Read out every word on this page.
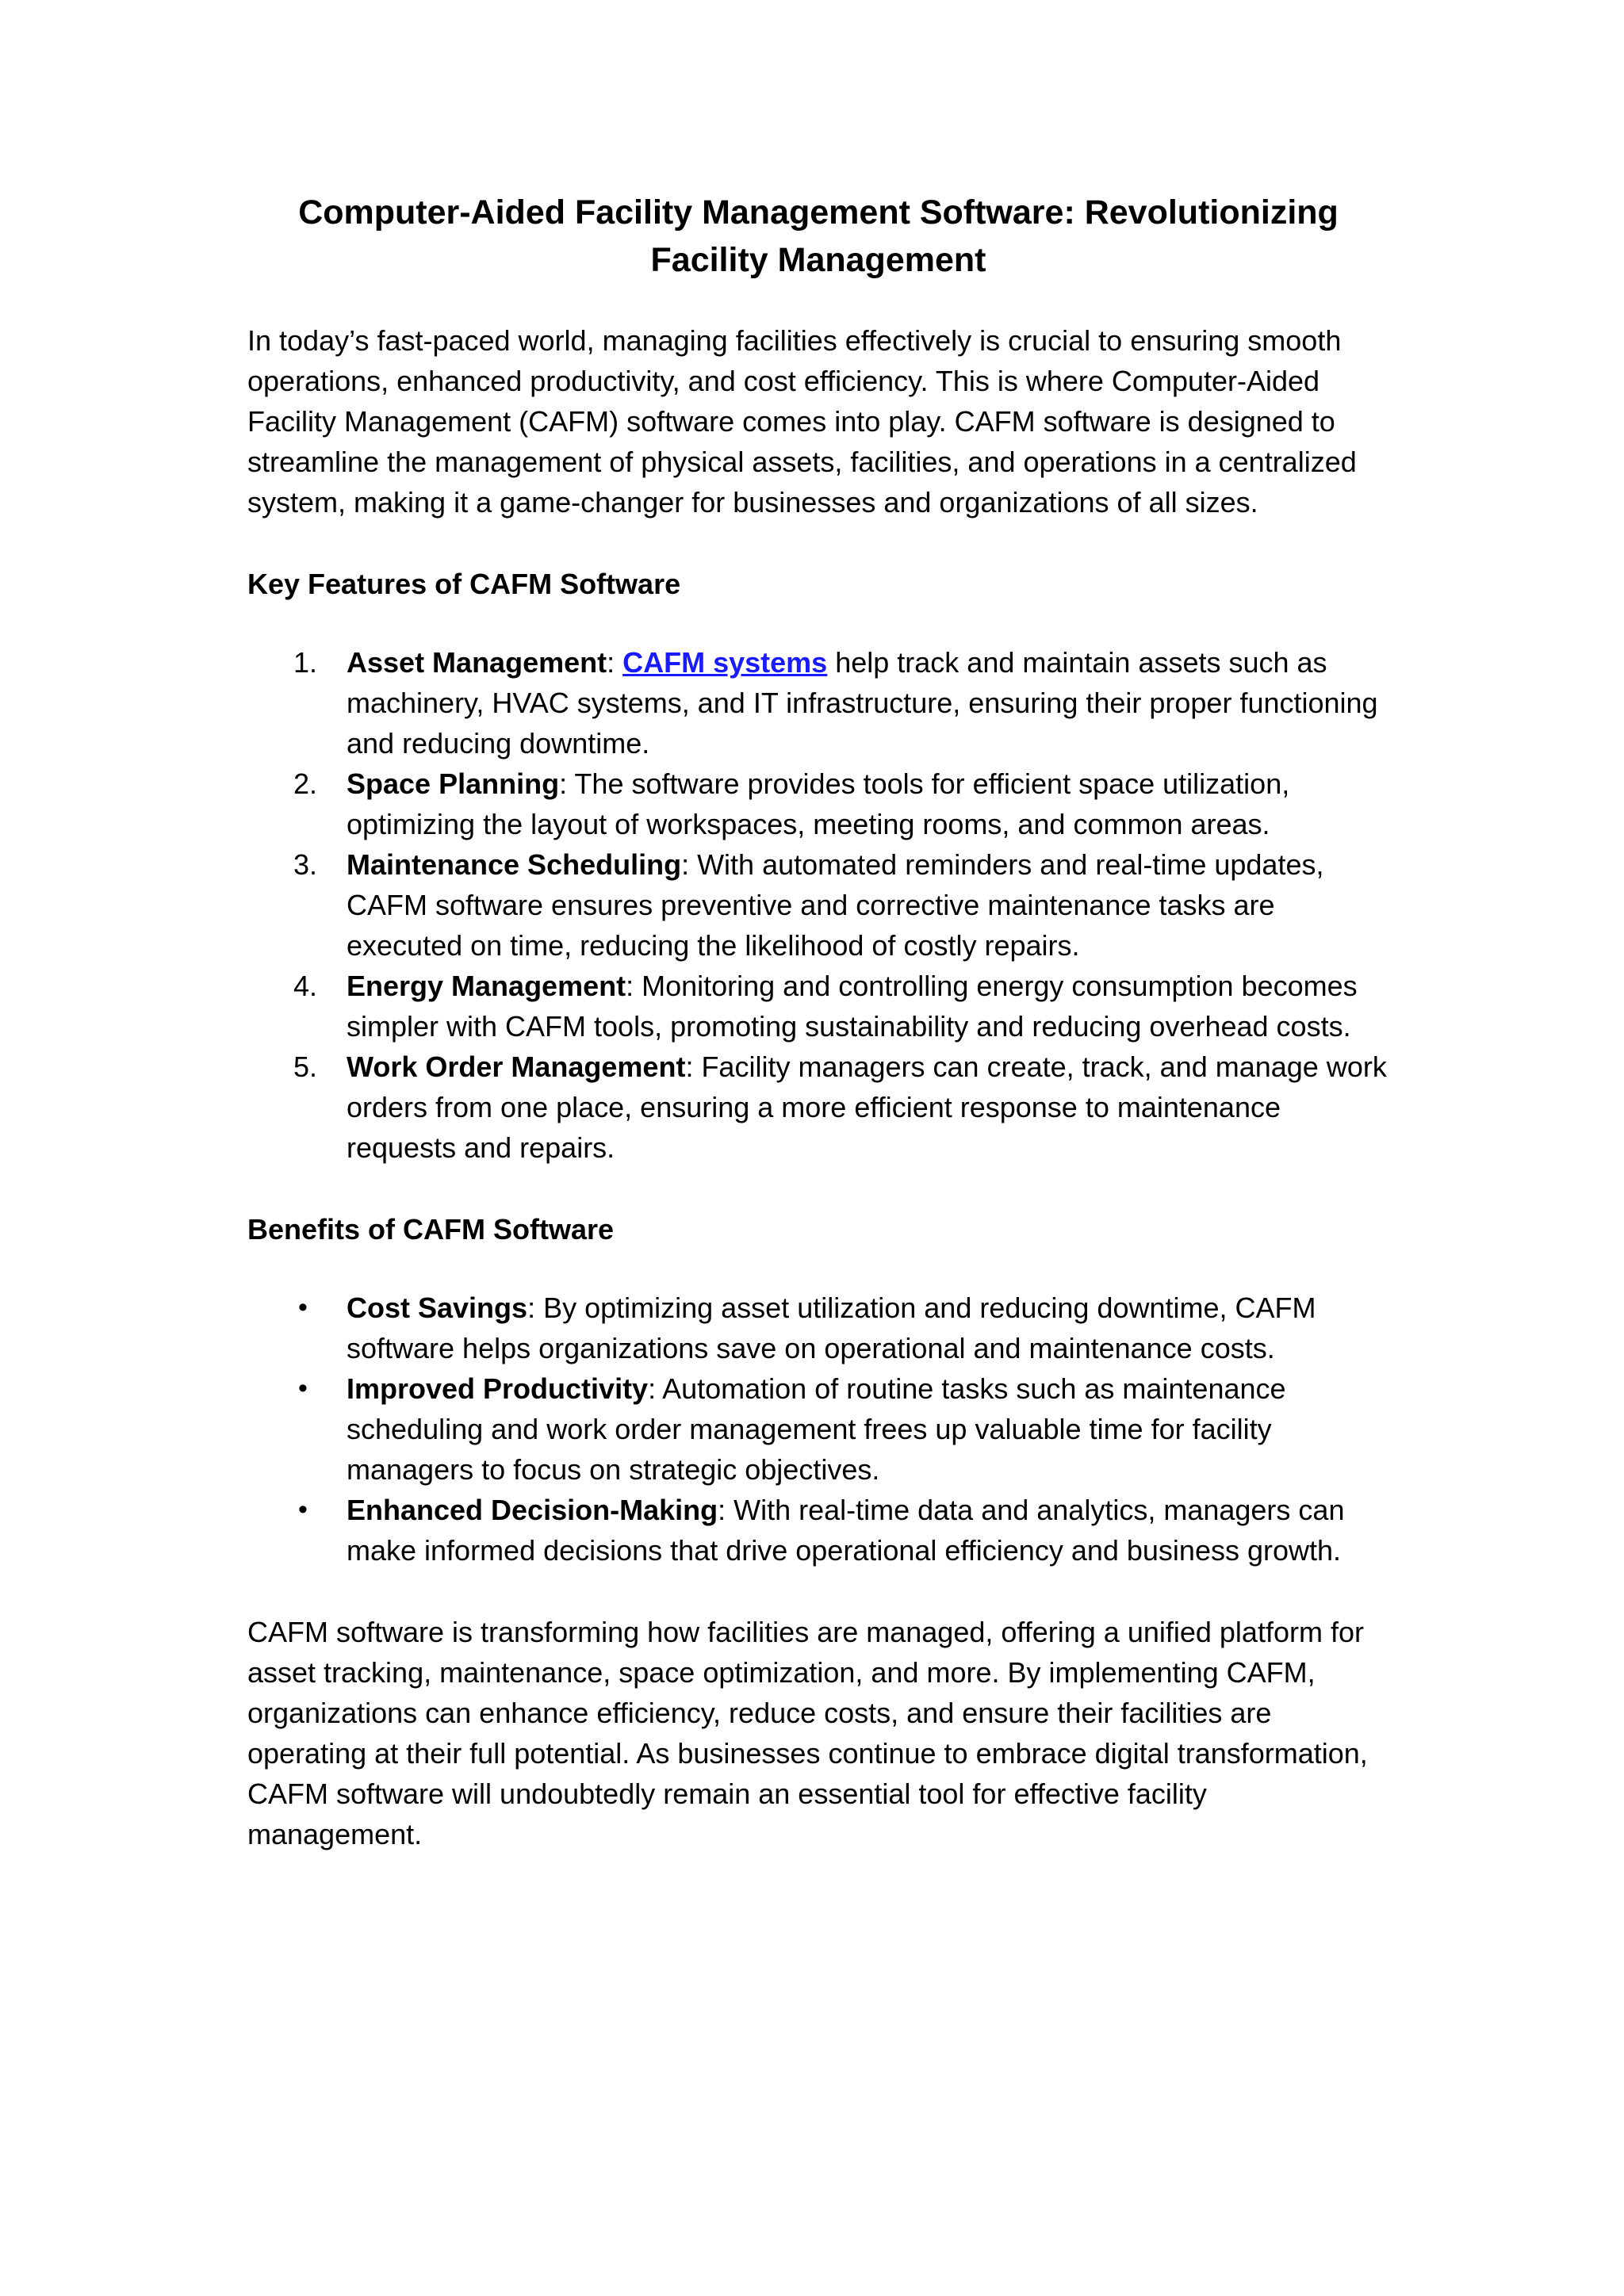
Computer-Aided Facility Management Software: Revolutionizing Facility Management

In today’s fast-paced world, managing facilities effectively is crucial to ensuring smooth operations, enhanced productivity, and cost efficiency. This is where Computer-Aided Facility Management (CAFM) software comes into play. CAFM software is designed to streamline the management of physical assets, facilities, and operations in a centralized system, making it a game-changer for businesses and organizations of all sizes.

Key Features of CAFM Software

1. Asset Management: CAFM systems help track and maintain assets such as machinery, HVAC systems, and IT infrastructure, ensuring their proper functioning and reducing downtime.
2. Space Planning: The software provides tools for efficient space utilization, optimizing the layout of workspaces, meeting rooms, and common areas.
3. Maintenance Scheduling: With automated reminders and real-time updates, CAFM software ensures preventive and corrective maintenance tasks are executed on time, reducing the likelihood of costly repairs.
4. Energy Management: Monitoring and controlling energy consumption becomes simpler with CAFM tools, promoting sustainability and reducing overhead costs.
5. Work Order Management: Facility managers can create, track, and manage work orders from one place, ensuring a more efficient response to maintenance requests and repairs.

Benefits of CAFM Software

• Cost Savings: By optimizing asset utilization and reducing downtime, CAFM software helps organizations save on operational and maintenance costs.
• Improved Productivity: Automation of routine tasks such as maintenance scheduling and work order management frees up valuable time for facility managers to focus on strategic objectives.
• Enhanced Decision-Making: With real-time data and analytics, managers can make informed decisions that drive operational efficiency and business growth.

CAFM software is transforming how facilities are managed, offering a unified platform for asset tracking, maintenance, space optimization, and more. By implementing CAFM, organizations can enhance efficiency, reduce costs, and ensure their facilities are operating at their full potential. As businesses continue to embrace digital transformation, CAFM software will undoubtedly remain an essential tool for effective facility management.
